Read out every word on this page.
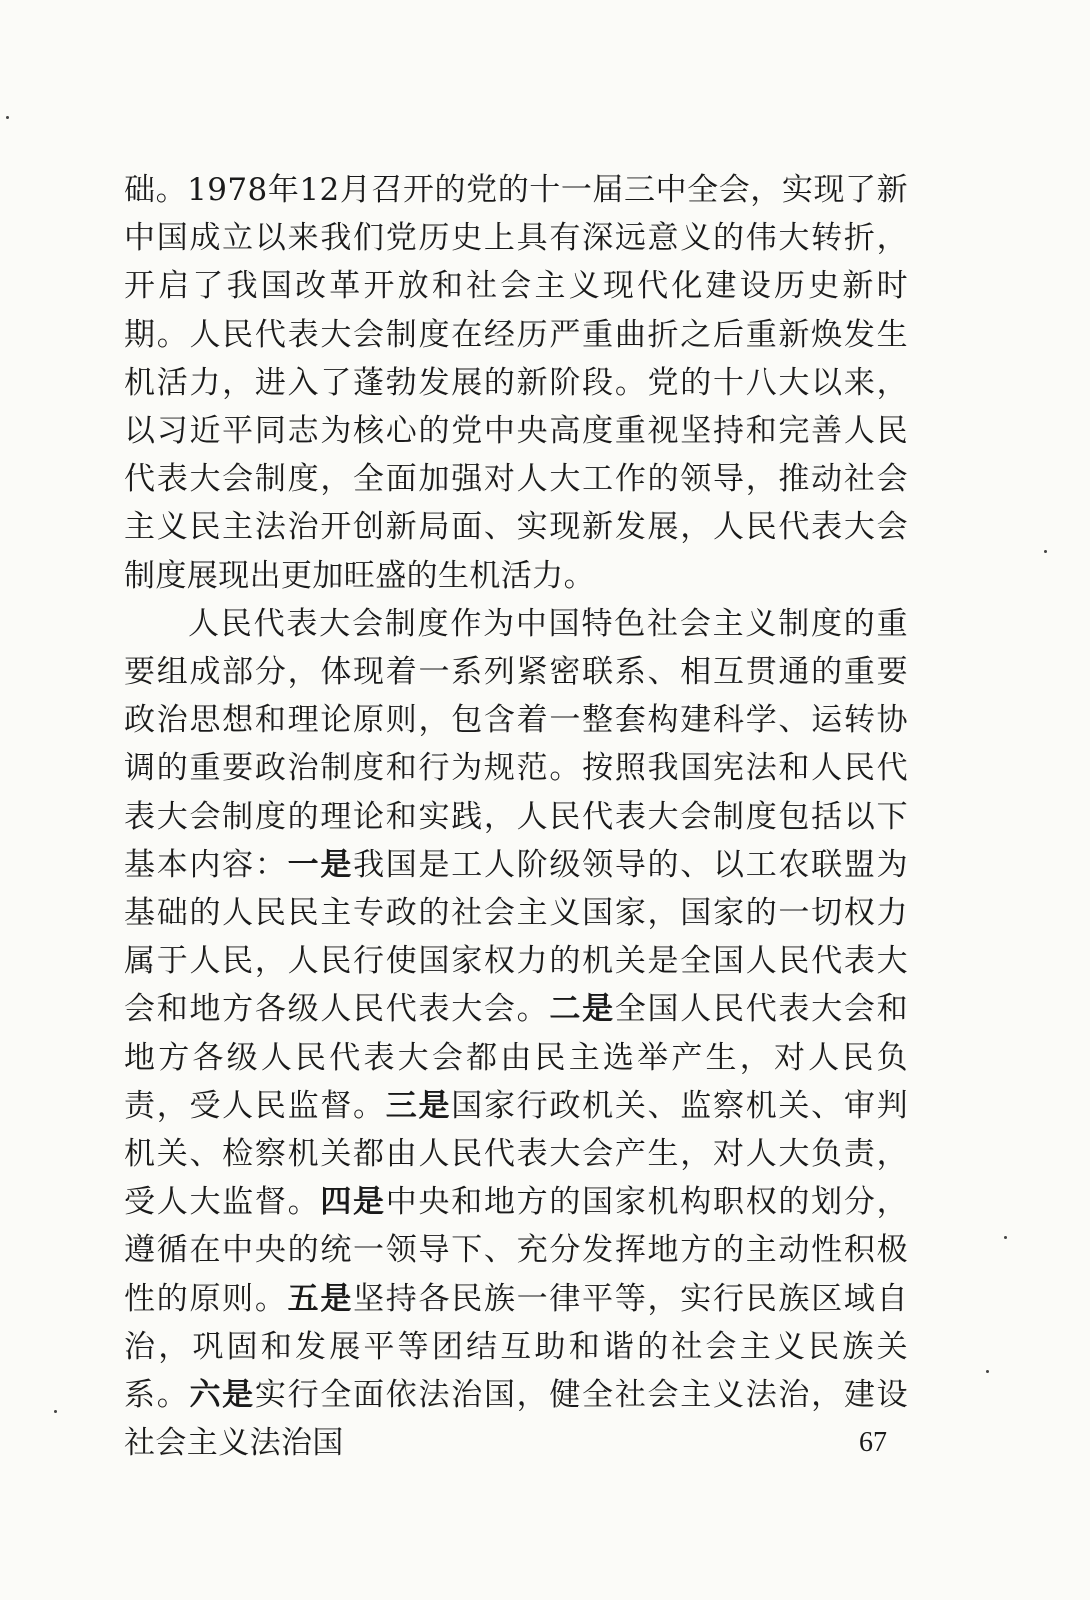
础。1978年12月召开的党的十一届三中全会，实现了新中国成立以来我们党历史上具有深远意义的伟大转折，开启了我国改革开放和社会主义现代化建设历史新时期。人民代表大会制度在经历严重曲折之后重新焕发生机活力，进入了蓬勃发展的新阶段。党的十八大以来，以习近平同志为核心的党中央高度重视坚持和完善人民代表大会制度，全面加强对人大工作的领导，推动社会主义民主法治开创新局面、实现新发展，人民代表大会制度展现出更加旺盛的生机活力。

人民代表大会制度作为中国特色社会主义制度的重要组成部分，体现着一系列紧密联系、相互贯通的重要政治思想和理论原则，包含着一整套构建科学、运转协调的重要政治制度和行为规范。按照我国宪法和人民代表大会制度的理论和实践，人民代表大会制度包括以下基本内容：一是我国是工人阶级领导的、以工农联盟为基础的人民民主专政的社会主义国家，国家的一切权力属于人民，人民行使国家权力的机关是全国人民代表大会和地方各级人民代表大会。二是全国人民代表大会和地方各级人民代表大会都由民主选举产生，对人民负责，受人民监督。三是国家行政机关、监察机关、审判机关、检察机关都由人民代表大会产生，对人大负责，受人大监督。四是中央和地方的国家机构职权的划分，遵循在中央的统一领导下、充分发挥地方的主动性积极性的原则。五是坚持各民族一律平等，实行民族区域自治，巩固和发展平等团结互助和谐的社会主义民族关系。六是实行全面依法治国，健全社会主义法治，建设社会主义法治国	67
